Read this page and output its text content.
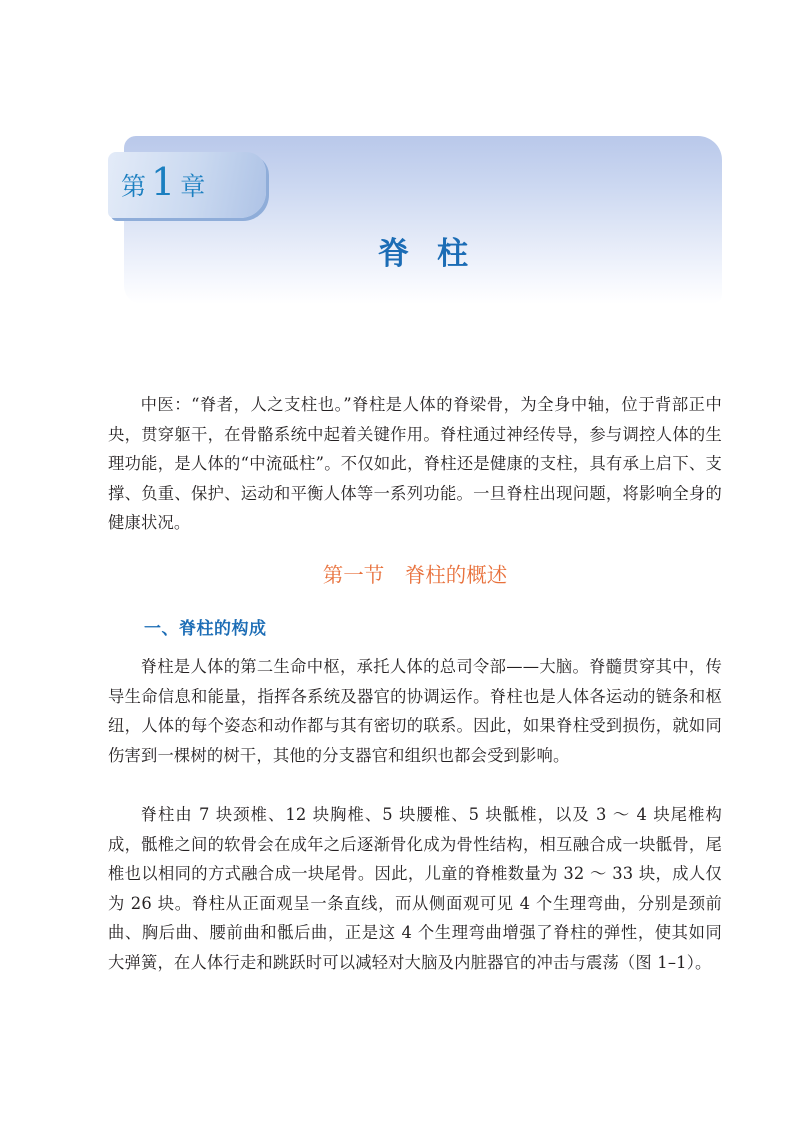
第 1 章
脊柱

中医：“脊者，人之支柱也。”脊柱是人体的脊梁骨，为全身中轴，位于背部正中央，贯穿躯干，在骨骼系统中起着关键作用。脊柱通过神经传导，参与调控人体的生理功能，是人体的“中流砥柱”。不仅如此，脊柱还是健康的支柱，具有承上启下、支撑、负重、保护、运动和平衡人体等一系列功能。一旦脊柱出现问题，将影响全身的健康状况。

第一节　脊柱的概述
一、脊柱的构成

脊柱是人体的第二生命中枢，承托人体的总司令部——大脑。脊髓贯穿其中，传导生命信息和能量，指挥各系统及器官的协调运作。脊柱也是人体各运动的链条和枢纽，人体的每个姿态和动作都与其有密切的联系。因此，如果脊柱受到损伤，就如同伤害到一棵树的树干，其他的分支器官和组织也都会受到影响。

脊柱由 7 块颈椎、12 块胸椎、5 块腰椎、5 块骶椎，以及 3 ～ 4 块尾椎构成，骶椎之间的软骨会在成年之后逐渐骨化成为骨性结构，相互融合成一块骶骨，尾椎也以相同的方式融合成一块尾骨。因此，儿童的脊椎数量为 32 ～ 33 块，成人仅为 26 块。脊柱从正面观呈一条直线，而从侧面观可见 4 个生理弯曲，分别是颈前曲、胸后曲、腰前曲和骶后曲，正是这 4 个生理弯曲增强了脊柱的弹性，使其如同大弹簧，在人体行走和跳跃时可以减轻对大脑及内脏器官的冲击与震荡（图 1–1）。
